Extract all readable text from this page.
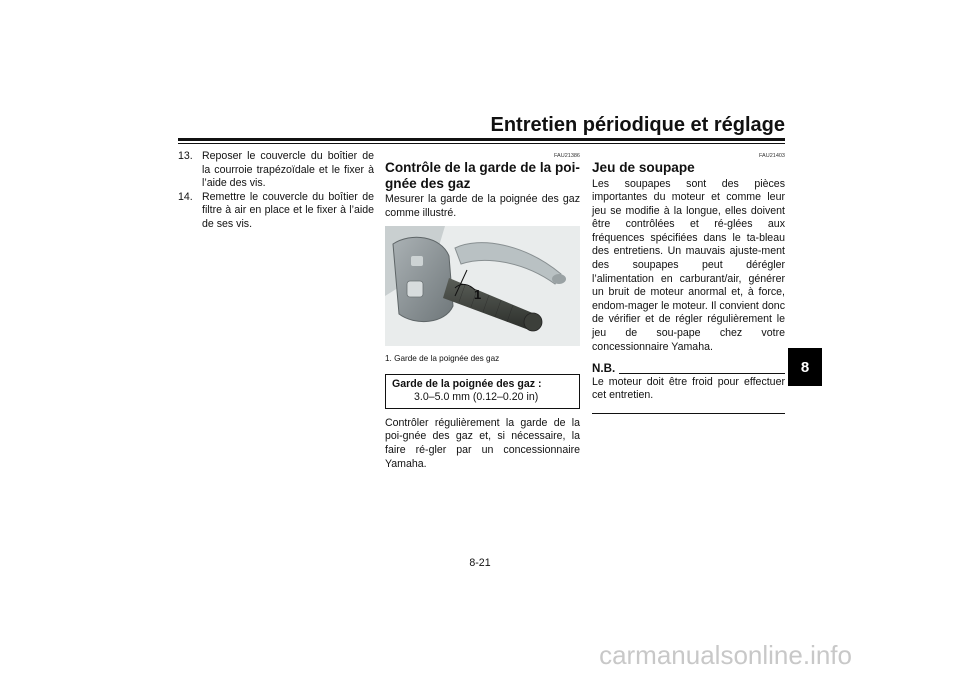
Entretien périodique et réglage
8
13. Reposer le couvercle du boîtier de la courroie trapézoïdale et le fixer à l’aide des vis.
14. Remettre le couvercle du boîtier de filtre à air en place et le fixer à l’aide de ses vis.
FAU21386
Contrôle de la garde de la poi-gnée des gaz

Mesurer la garde de la poignée des gaz comme illustré.

1
1. Garde de la poignée des gaz
Garde de la poignée des gaz :
3.0–5.0 mm (0.12–0.20 in)

Contrôler régulièrement la garde de la poi-gnée des gaz et, si nécessaire, la faire ré-gler par un concessionnaire Yamaha.

FAU21403
Jeu de soupape

Les soupapes sont des pièces importantes du moteur et comme leur jeu se modifie à la longue, elles doivent être contrôlées et ré-glées aux fréquences spécifiées dans le ta-bleau des entretiens. Un mauvais ajuste-ment des soupapes peut dérégler l’alimentation en carburant/air, générer un bruit de moteur anormal et, à force, endom-mager le moteur. Il convient donc de vérifier et de régler régulièrement le jeu de sou-pape chez votre concessionnaire Yamaha.

N.B.

Le moteur doit être froid pour effectuer cet entretien.

8-21
carmanualsonline.info
